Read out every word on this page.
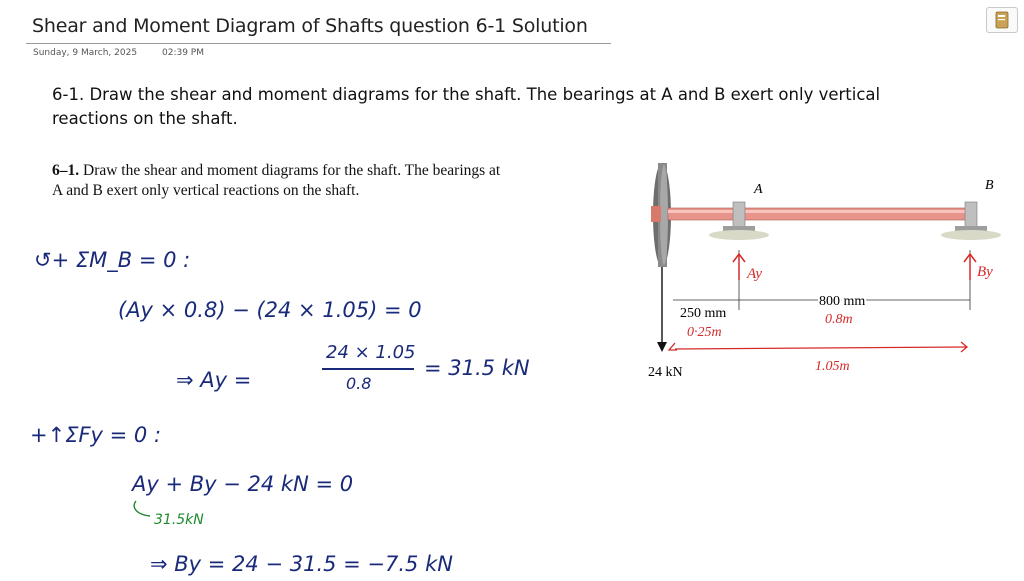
Shear and Moment Diagram of Shafts question 6-1 Solution
Sunday, 9 March, 2025	02:39 PM
6-1. Draw the shear and moment diagrams for the shaft. The bearings at A and B exert only vertical reactions on the shaft.
6–1. Draw the shear and moment diagrams for the shaft. The bearings at A and B exert only vertical reactions on the shaft.	A	B
24 kN
250 mm
800 mm
Ay	By
0·25m
0.8m
1.05m
↺+ ΣM_B = 0 :
(Ay × 0.8) − (24 × 1.05) = 0
⇒ Ay =
24 × 1.05
0.8
= 31.5 kN
+↑ΣFy = 0 :
Ay + By − 24 kN = 0
31.5kN
⇒ By = 24 − 31.5 = −7.5 kN
